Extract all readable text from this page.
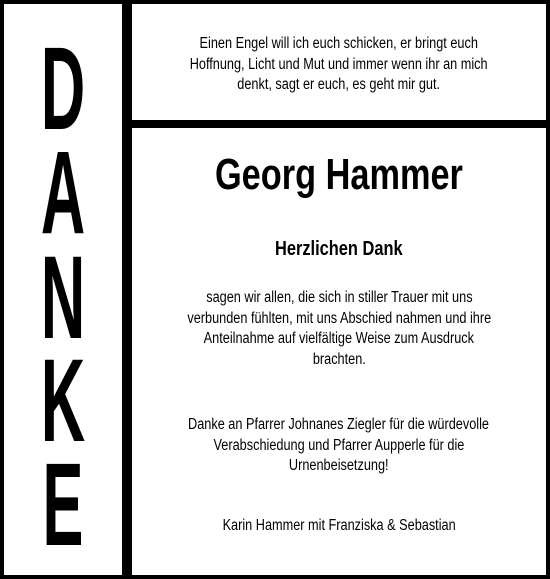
D
A
N
K
E
Einen Engel will ich euch schicken, er bringt euch
Hoffnung, Licht und Mut und immer wenn ihr an mich
denkt, sagt er euch, es geht mir gut.
Georg Hammer
Herzlichen Dank
sagen wir allen, die sich in stiller Trauer mit uns
verbunden fühlten, mit uns Abschied nahmen und ihre
Anteilnahme auf vielfältige Weise zum Ausdruck
brachten.
Danke an Pfarrer Johnanes Ziegler für die würdevolle
Verabschiedung und Pfarrer Aupperle für die
Urnenbeisetzung!
Karin Hammer mit Franziska & Sebastian
